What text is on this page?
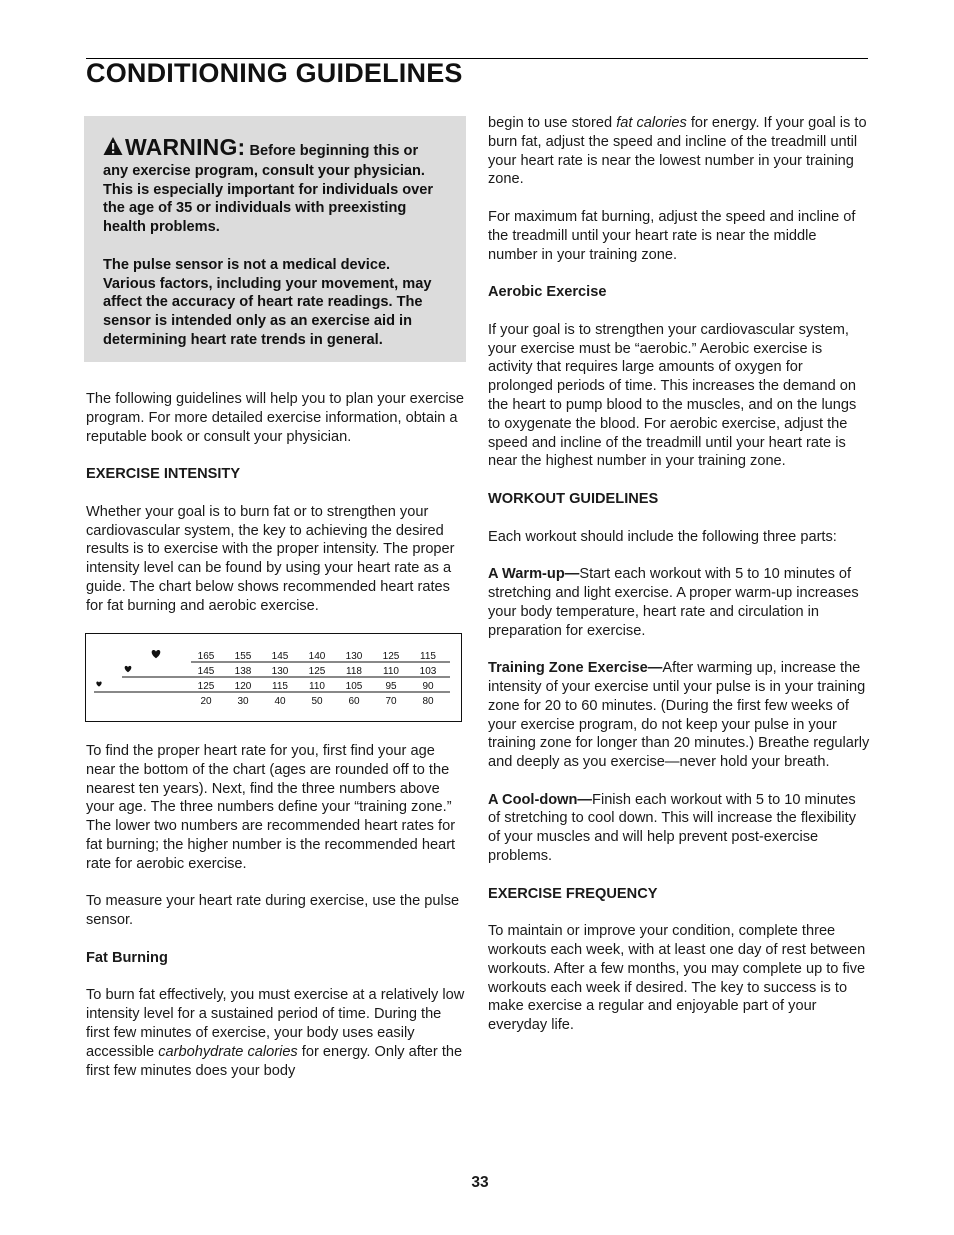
CONDITIONING GUIDELINES

WARNING: Before beginning this or any exercise program, consult your physician. This is especially important for individuals over the age of 35 or individuals with preexisting health problems.

The pulse sensor is not a medical device. Various factors, including your movement, may affect the accuracy of heart rate readings. The sensor is intended only as an exercise aid in determining heart rate trends in general.

The following guidelines will help you to plan your exercise program. For more detailed exercise information, obtain a reputable book or consult your physician.

EXERCISE INTENSITY

Whether your goal is to burn fat or to strengthen your cardiovascular system, the key to achieving the desired results is to exercise with the proper intensity. The proper intensity level can be found by using your heart rate as a guide. The chart below shows recommended heart rates for fat burning and aerobic exercise.

165 155 145 140 130 125 115
145 138 130 125 118 110 103
125 120 115 110 105 95	90
20	30	40	50	60	70	80

To find the proper heart rate for you, first find your age near the bottom of the chart (ages are rounded off to the nearest ten years). Next, find the three numbers above your age. The three numbers define your “training zone.” The lower two numbers are recommended heart rates for fat burning; the higher number is the recommended heart rate for aerobic exercise.

To measure your heart rate during exercise, use the pulse sensor.

Fat Burning

To burn fat effectively, you must exercise at a relatively low intensity level for a sustained period of time. During the first few minutes of exercise, your body uses easily accessible carbohydrate calories for energy. Only after the first few minutes does your body

begin to use stored fat calories for energy. If your goal is to burn fat, adjust the speed and incline of the treadmill until your heart rate is near the lowest number in your training zone.

For maximum fat burning, adjust the speed and incline of the treadmill until your heart rate is near the middle number in your training zone.

Aerobic Exercise

If your goal is to strengthen your cardiovascular system, your exercise must be “aerobic.” Aerobic exercise is activity that requires large amounts of oxygen for prolonged periods of time. This increases the demand on the heart to pump blood to the muscles, and on the lungs to oxygenate the blood. For aerobic exercise, adjust the speed and incline of the treadmill until your heart rate is near the highest number in your training zone.

WORKOUT GUIDELINES

Each workout should include the following three parts:

A Warm-up—Start each workout with 5 to 10 minutes of stretching and light exercise. A proper warm-up increases your body temperature, heart rate and circulation in preparation for exercise.

Training Zone Exercise—After warming up, increase the intensity of your exercise until your pulse is in your training zone for 20 to 60 minutes. (During the first few weeks of your exercise program, do not keep your pulse in your training zone for longer than 20 minutes.) Breathe regularly and deeply as you exercise—never hold your breath.

A Cool-down—Finish each workout with 5 to 10 minutes of stretching to cool down. This will increase the flexibility of your muscles and will help prevent post-exercise problems.

EXERCISE FREQUENCY

To maintain or improve your condition, complete three workouts each week, with at least one day of rest between workouts. After a few months, you may complete up to five workouts each week if desired. The key to success is to make exercise a regular and enjoyable part of your everyday life.

33
